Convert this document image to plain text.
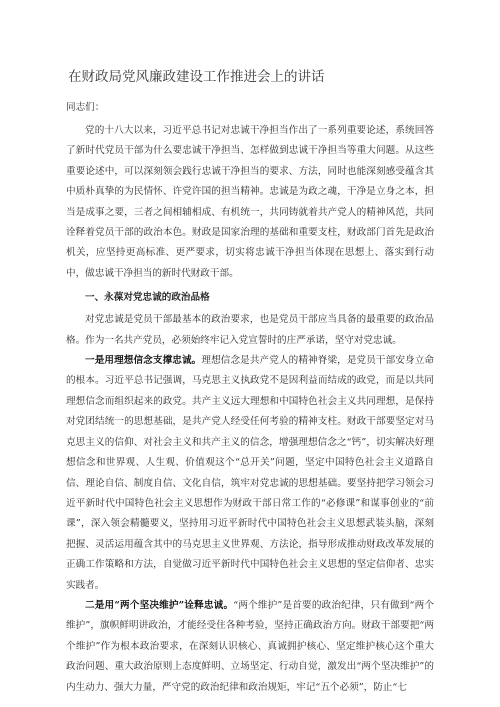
在财政局党风廉政建设工作推进会上的讲话

同志们：

党的十八大以来，习近平总书记对忠诚干净担当作出了一系列重要论述，系统回答了新时代党员干部为什么要忠诚干净担当、怎样做到忠诚干净担当等重大问题。从这些重要论述中，可以深刻领会践行忠诚干净担当的要求、方法，同时也能深刻感受蕴含其中质朴真挚的为民情怀、许党许国的担当精神。忠诚是为政之魂，干净是立身之本，担当是成事之要，三者之间相辅相成、有机统一，共同铸就着共产党人的精神风范，共同诠释着党员干部的政治本色。财政是国家治理的基础和重要支柱，财政部门首先是政治机关，应坚持更高标准、更严要求，切实将忠诚干净担当体现在思想上、落实到行动中，做忠诚干净担当的新时代财政干部。

一、永葆对党忠诚的政治品格

对党忠诚是党员干部最基本的政治要求，也是党员干部应当具备的最重要的政治品格。作为一名共产党员，必须始终牢记入党宣誓时的庄严承诺，坚守对党忠诚。

一是用理想信念支撑忠诚。理想信念是共产党人的精神脊梁，是党员干部安身立命的根本。习近平总书记强调，马克思主义执政党不是因利益而结成的政党，而是以共同理想信念而组织起来的政党。共产主义远大理想和中国特色社会主义共同理想，是保持对党团结统一的思想基础，是共产党人经受任何考验的精神支柱。财政干部要坚定对马克思主义的信仰、对社会主义和共产主义的信念，增强理想信念之“钙”，切实解决好理想信念和世界观、人生观、价值观这个“总开关”问题，坚定中国特色社会主义道路自信、理论自信、制度自信、文化自信，筑牢对党忠诚的思想基础。要坚持把学习领会习近平新时代中国特色社会主义思想作为财政干部日常工作的“必修课”和谋事创业的“前课”，深入领会精髓要义，坚持用习近平新时代中国特色社会主义思想武装头脑，深刻把握、灵活运用蕴含其中的马克思主义世界观、方法论，指导形成推动财政改革发展的正确工作策略和方法，自觉做习近平新时代中国特色社会主义思想的坚定信仰者、忠实实践者。

二是用“两个坚决维护”诠释忠诚。“两个维护”是首要的政治纪律，只有做到“两个维护”，旗帜鲜明讲政治，才能经受住各种考验，坚持正确政治方向。财政干部要把“两个维护”作为根本政治要求，在深刻认识核心、真诚拥护核心、坚定维护核心这个重大政治问题、重大政治原则上态度鲜明、立场坚定、行动自觉，激发出“两个坚决维护”的内生动力、强大力量，严守党的政治纪律和政治规矩，牢记“五个必须”，防止“七
